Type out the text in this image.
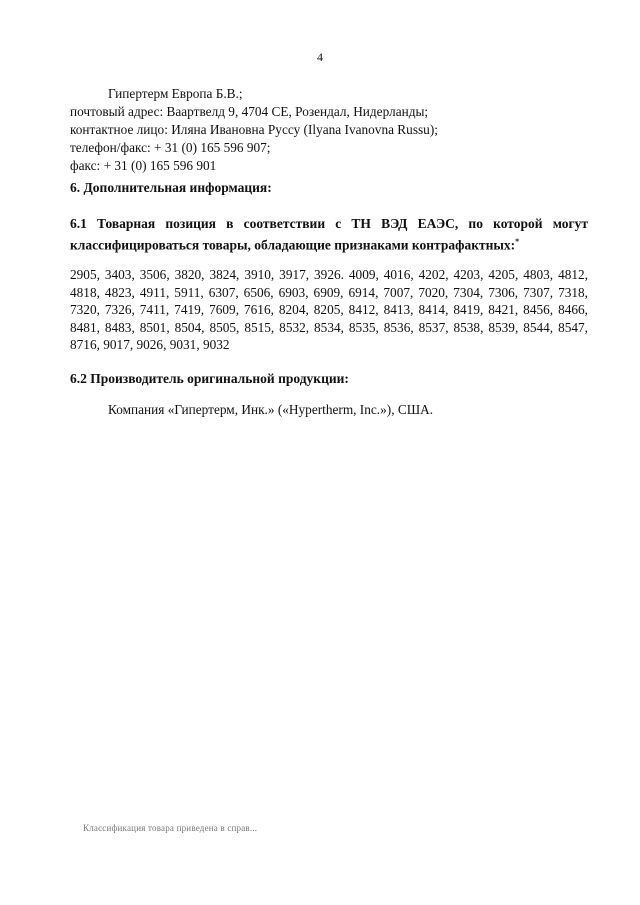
4
Гипертерм Европа Б.В.;
почтовый адрес: Ваартвелд 9, 4704 СЕ, Розендал, Нидерланды;
контактное лицо: Иляна Ивановна Руссу (Ilyana Ivanovna Russu);
телефон/факс: + 31 (0) 165 596 907;
факс: + 31 (0) 165 596 901
6. Дополнительная информация:
6.1 Товарная позиция в соответствии с ТН ВЭД ЕАЭС, по которой могут классифицироваться товары, обладающие признаками контрафактных:*
2905, 3403, 3506, 3820, 3824, 3910, 3917, 3926. 4009, 4016, 4202, 4203, 4205, 4803, 4812, 4818, 4823, 4911, 5911, 6307, 6506, 6903, 6909, 6914, 7007, 7020, 7304, 7306, 7307, 7318, 7320, 7326, 7411, 7419, 7609, 7616, 8204, 8205, 8412, 8413, 8414, 8419, 8421, 8456, 8466, 8481, 8483, 8501, 8504, 8505, 8515, 8532, 8534, 8535, 8536, 8537, 8538, 8539, 8544, 8547, 8716, 9017, 9026, 9031, 9032
6.2 Производитель оригинальной продукции:
Компания «Гипертерм, Инк.» («Hypertherm, Inc.»), США.
Классификация товара приведена в справ...
